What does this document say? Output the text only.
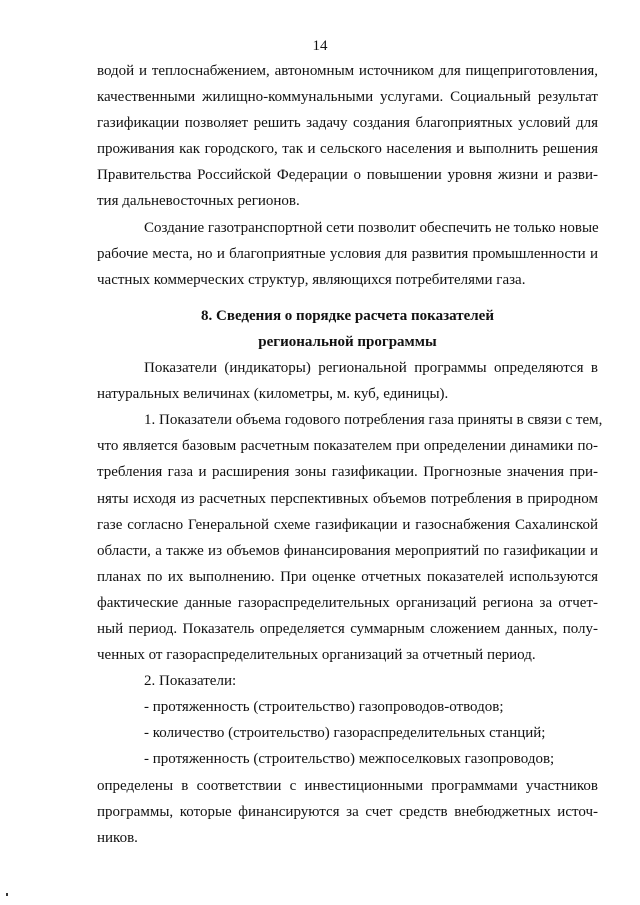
14

водой и теплоснабжением, автономным источником для пищеприготовления,

качественными жилищно-коммунальными услугами. Социальный результат

газификации позволяет решить задачу создания благоприятных условий для

проживания как городского, так и сельского населения и выполнить решения

Правительства Российской Федерации о повышении уровня жизни и разви-

тия дальневосточных регионов.

Создание газотранспортной сети позволит обеспечить не только новые

рабочие места, но и благоприятные условия для развития промышленности и

частных коммерческих структур, являющихся потребителями газа.

8. Сведения о порядке расчета показателей

региональной программы

Показатели (индикаторы) региональной программы определяются в

натуральных величинах (километры, м. куб, единицы).

1. Показатели объема годового потребления газа приняты в связи с тем,

что является базовым расчетным показателем при определении динамики по-

требления газа и расширения зоны газификации. Прогнозные значения при-

няты исходя из расчетных перспективных объемов потребления в природном

газе согласно Генеральной схеме газификации и газоснабжения Сахалинской

области, а также из объемов финансирования мероприятий по газификации и

планах по их выполнению. При оценке отчетных показателей используются

фактические данные газораспределительных организаций региона за отчет-

ный период. Показатель определяется суммарным сложением данных, полу-

ченных от газораспределительных организаций за отчетный период.

2. Показатели:

- протяженность (строительство) газопроводов-отводов;

- количество (строительство) газораспределительных станций;

- протяженность (строительство) межпоселковых газопроводов;

определены в соответствии с инвестиционными программами участников

программы, которые финансируются за счет средств внебюджетных источ-

ников.
